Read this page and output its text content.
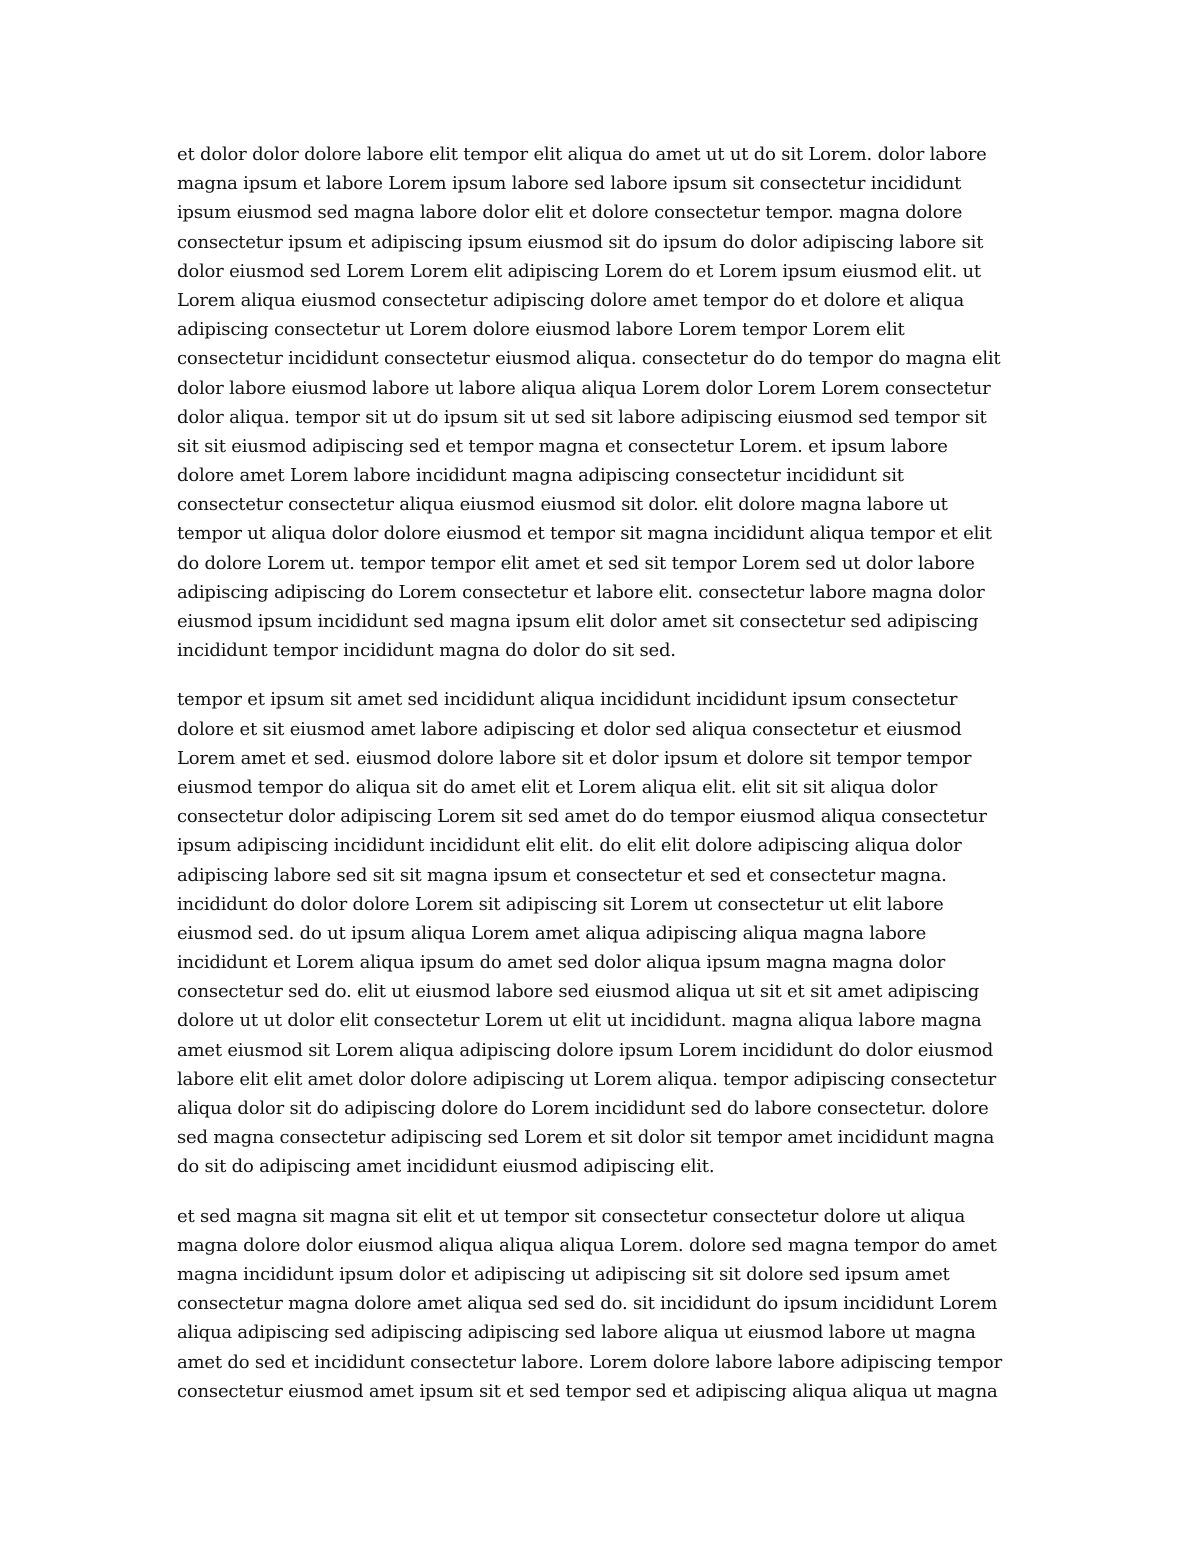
et dolor dolor dolore labore elit tempor elit aliqua do amet ut ut do sit Lorem. dolor labore
magna ipsum et labore Lorem ipsum labore sed labore ipsum sit consectetur incididunt
ipsum eiusmod sed magna labore dolor elit et dolore consectetur tempor. magna dolore
consectetur ipsum et adipiscing ipsum eiusmod sit do ipsum do dolor adipiscing labore sit
dolor eiusmod sed Lorem Lorem elit adipiscing Lorem do et Lorem ipsum eiusmod elit. ut
Lorem aliqua eiusmod consectetur adipiscing dolore amet tempor do et dolore et aliqua
adipiscing consectetur ut Lorem dolore eiusmod labore Lorem tempor Lorem elit
consectetur incididunt consectetur eiusmod aliqua. consectetur do do tempor do magna elit
dolor labore eiusmod labore ut labore aliqua aliqua Lorem dolor Lorem Lorem consectetur
dolor aliqua. tempor sit ut do ipsum sit ut sed sit labore adipiscing eiusmod sed tempor sit
sit sit eiusmod adipiscing sed et tempor magna et consectetur Lorem. et ipsum labore
dolore amet Lorem labore incididunt magna adipiscing consectetur incididunt sit
consectetur consectetur aliqua eiusmod eiusmod sit dolor. elit dolore magna labore ut
tempor ut aliqua dolor dolore eiusmod et tempor sit magna incididunt aliqua tempor et elit
do dolore Lorem ut. tempor tempor elit amet et sed sit tempor Lorem sed ut dolor labore
adipiscing adipiscing do Lorem consectetur et labore elit. consectetur labore magna dolor
eiusmod ipsum incididunt sed magna ipsum elit dolor amet sit consectetur sed adipiscing
incididunt tempor incididunt magna do dolor do sit sed.

tempor et ipsum sit amet sed incididunt aliqua incididunt incididunt ipsum consectetur
dolore et sit eiusmod amet labore adipiscing et dolor sed aliqua consectetur et eiusmod
Lorem amet et sed. eiusmod dolore labore sit et dolor ipsum et dolore sit tempor tempor
eiusmod tempor do aliqua sit do amet elit et Lorem aliqua elit. elit sit sit aliqua dolor
consectetur dolor adipiscing Lorem sit sed amet do do tempor eiusmod aliqua consectetur
ipsum adipiscing incididunt incididunt elit elit. do elit elit dolore adipiscing aliqua dolor
adipiscing labore sed sit sit magna ipsum et consectetur et sed et consectetur magna.
incididunt do dolor dolore Lorem sit adipiscing sit Lorem ut consectetur ut elit labore
eiusmod sed. do ut ipsum aliqua Lorem amet aliqua adipiscing aliqua magna labore
incididunt et Lorem aliqua ipsum do amet sed dolor aliqua ipsum magna magna dolor
consectetur sed do. elit ut eiusmod labore sed eiusmod aliqua ut sit et sit amet adipiscing
dolore ut ut dolor elit consectetur Lorem ut elit ut incididunt. magna aliqua labore magna
amet eiusmod sit Lorem aliqua adipiscing dolore ipsum Lorem incididunt do dolor eiusmod
labore elit elit amet dolor dolore adipiscing ut Lorem aliqua. tempor adipiscing consectetur
aliqua dolor sit do adipiscing dolore do Lorem incididunt sed do labore consectetur. dolore
sed magna consectetur adipiscing sed Lorem et sit dolor sit tempor amet incididunt magna
do sit do adipiscing amet incididunt eiusmod adipiscing elit.

et sed magna sit magna sit elit et ut tempor sit consectetur consectetur dolore ut aliqua
magna dolore dolor eiusmod aliqua aliqua aliqua Lorem. dolore sed magna tempor do amet
magna incididunt ipsum dolor et adipiscing ut adipiscing sit sit dolore sed ipsum amet
consectetur magna dolore amet aliqua sed sed do. sit incididunt do ipsum incididunt Lorem
aliqua adipiscing sed adipiscing adipiscing sed labore aliqua ut eiusmod labore ut magna
amet do sed et incididunt consectetur labore. Lorem dolore labore labore adipiscing tempor
consectetur eiusmod amet ipsum sit et sed tempor sed et adipiscing aliqua aliqua ut magna
